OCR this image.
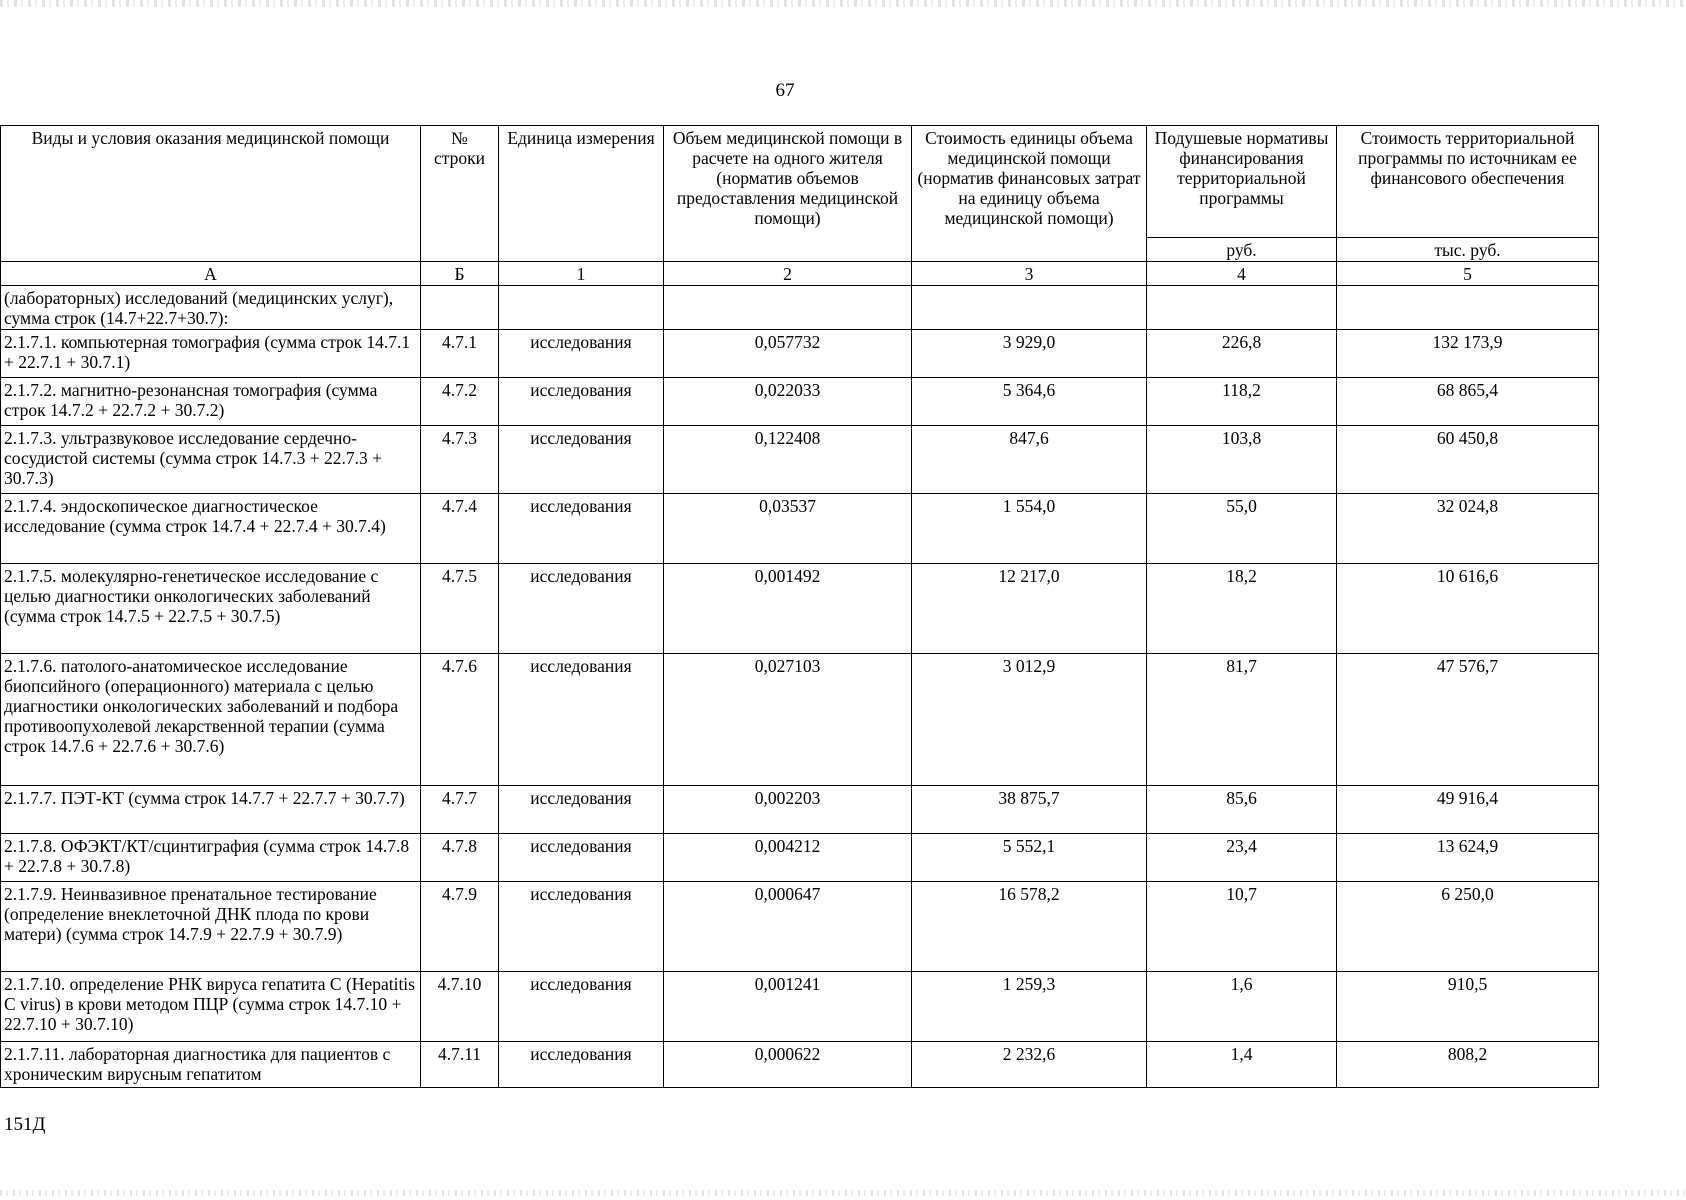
67
Виды и условия оказания медицинской помощи	№ строки	Единица измерения	Объем медицинской помощи в расчете на одного жителя (норматив объемов предоставления медицинской помощи)	Стоимость единицы объема медицинской помощи (норматив финансовых затрат на единицу объема медицинской помощи)	Подушевые нормативы финансирования территориальной программы	Стоимость территориальной программы по источникам ее финансового обеспечения
					руб.	тыс. руб.
А	Б	1	2	3	4	5
(лабораторных) исследований (медицинских услуг), сумма строк (14.7+22.7+30.7):						
2.1.7.1. компьютерная томография (сумма строк 14.7.1 + 22.7.1 + 30.7.1)	4.7.1	исследования	0,057732	3 929,0	226,8	132 173,9
2.1.7.2. магнитно-резонансная томография (сумма строк 14.7.2 + 22.7.2 + 30.7.2)	4.7.2	исследования	0,022033	5 364,6	118,2	68 865,4
2.1.7.3. ультразвуковое исследование сердечно-сосудистой системы (сумма строк 14.7.3 + 22.7.3 + 30.7.3)	4.7.3	исследования	0,122408	847,6	103,8	60 450,8
2.1.7.4. эндоскопическое диагностическое исследование (сумма строк 14.7.4 + 22.7.4 + 30.7.4)	4.7.4	исследования	0,03537	1 554,0	55,0	32 024,8
2.1.7.5. молекулярно-генетическое исследование с целью диагностики онкологических заболеваний (сумма строк 14.7.5 + 22.7.5 + 30.7.5)	4.7.5	исследования	0,001492	12 217,0	18,2	10 616,6
2.1.7.6. патолого-анатомическое исследование биопсийного (операционного) материала с целью диагностики онкологических заболеваний и подбора противоопухолевой лекарственной терапии (сумма строк 14.7.6 + 22.7.6 + 30.7.6)	4.7.6	исследования	0,027103	3 012,9	81,7	47 576,7
2.1.7.7. ПЭТ-КТ (сумма строк 14.7.7 + 22.7.7 + 30.7.7)	4.7.7	исследования	0,002203	38 875,7	85,6	49 916,4
2.1.7.8. ОФЭКТ/КТ/сцинтиграфия (сумма строк 14.7.8 + 22.7.8 + 30.7.8)	4.7.8	исследования	0,004212	5 552,1	23,4	13 624,9
2.1.7.9. Неинвазивное пренатальное тестирование (определение внеклеточной ДНК плода по крови матери) (сумма строк 14.7.9 + 22.7.9 + 30.7.9)	4.7.9	исследования	0,000647	16 578,2	10,7	6 250,0
2.1.7.10. определение РНК вируса гепатита C (Hepatitis C virus) в крови методом ПЦР (сумма строк 14.7.10 + 22.7.10 + 30.7.10)	4.7.10	исследования	0,001241	1 259,3	1,6	910,5
2.1.7.11. лабораторная диагностика для пациентов с хроническим вирусным гепатитом	4.7.11	исследования	0,000622	2 232,6	1,4	808,2
151Д
